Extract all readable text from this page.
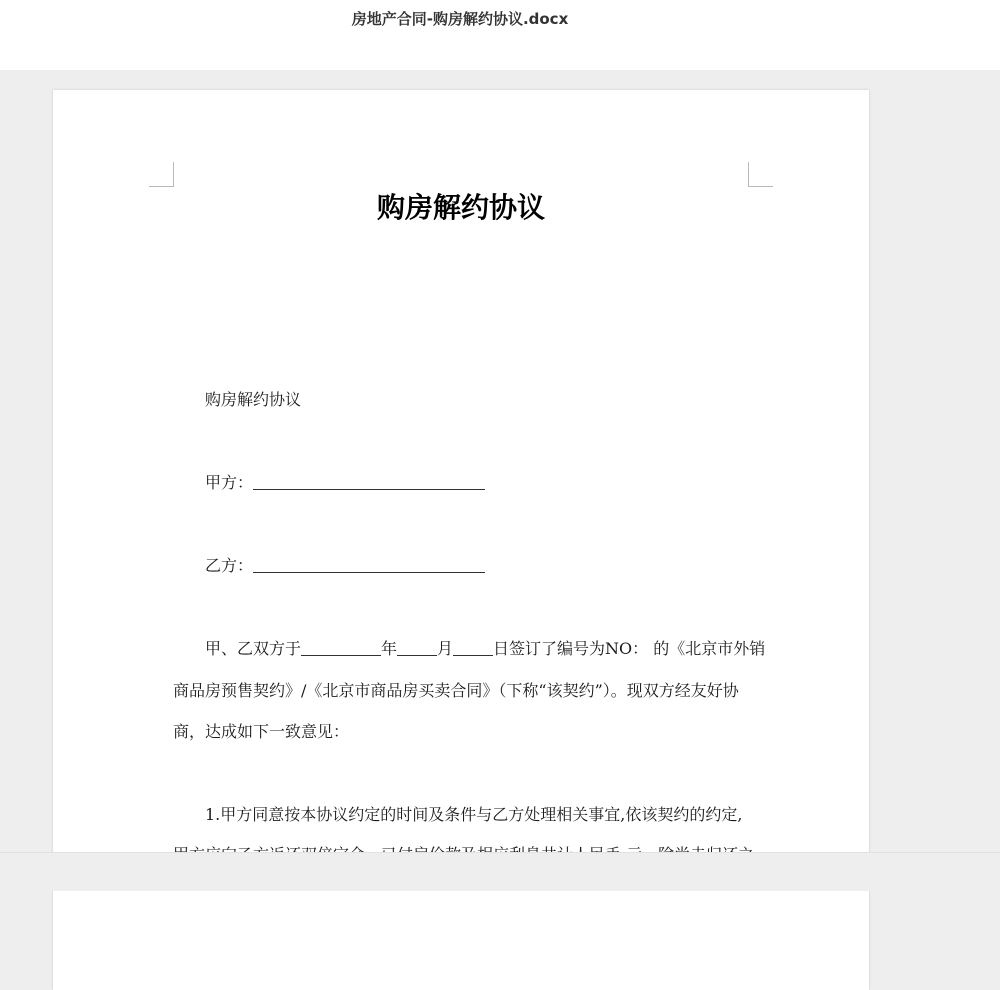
房地产合同-购房解约协议.docx
购房解约协议
购房解约协议
甲方：
乙方：
甲、乙双方于	年	月	日签订了编号为NO： 的《北京市外销
商品房预售契约》/《北京市商品房买卖合同》（下称“该契约”）。现双方经友好协
商，达成如下一致意见：
1.甲方同意按本协议约定的时间及条件与乙方处理相关事宜,依该契约的约定,
